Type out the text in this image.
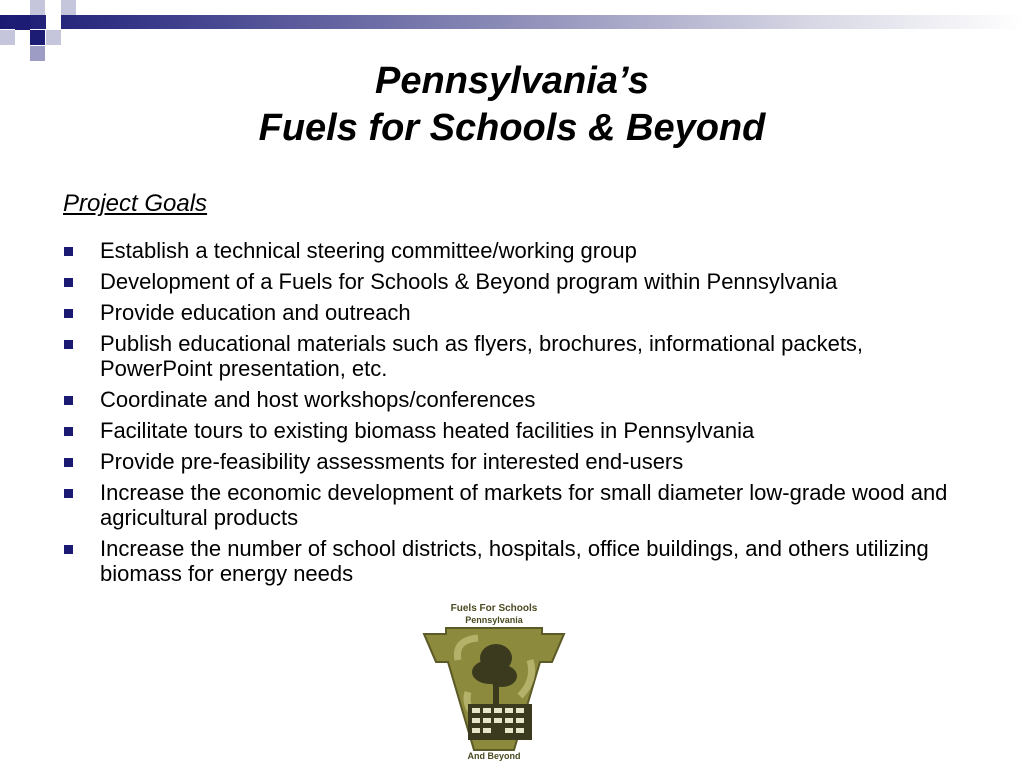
Pennsylvania’s
Fuels for Schools & Beyond
Project Goals
Establish a technical steering committee/working group
Development of a Fuels for Schools & Beyond program within Pennsylvania
Provide education and outreach
Publish educational materials such as flyers, brochures, informational packets, PowerPoint presentation, etc.
Coordinate and host workshops/conferences
Facilitate tours to existing biomass heated facilities in Pennsylvania
Provide pre-feasibility assessments for interested end-users
Increase the economic development of markets for small diameter low-grade wood and agricultural products
Increase the number of school districts, hospitals, office buildings, and others utilizing biomass for energy needs
Fuels For Schools
Pennsylvania
And Beyond
